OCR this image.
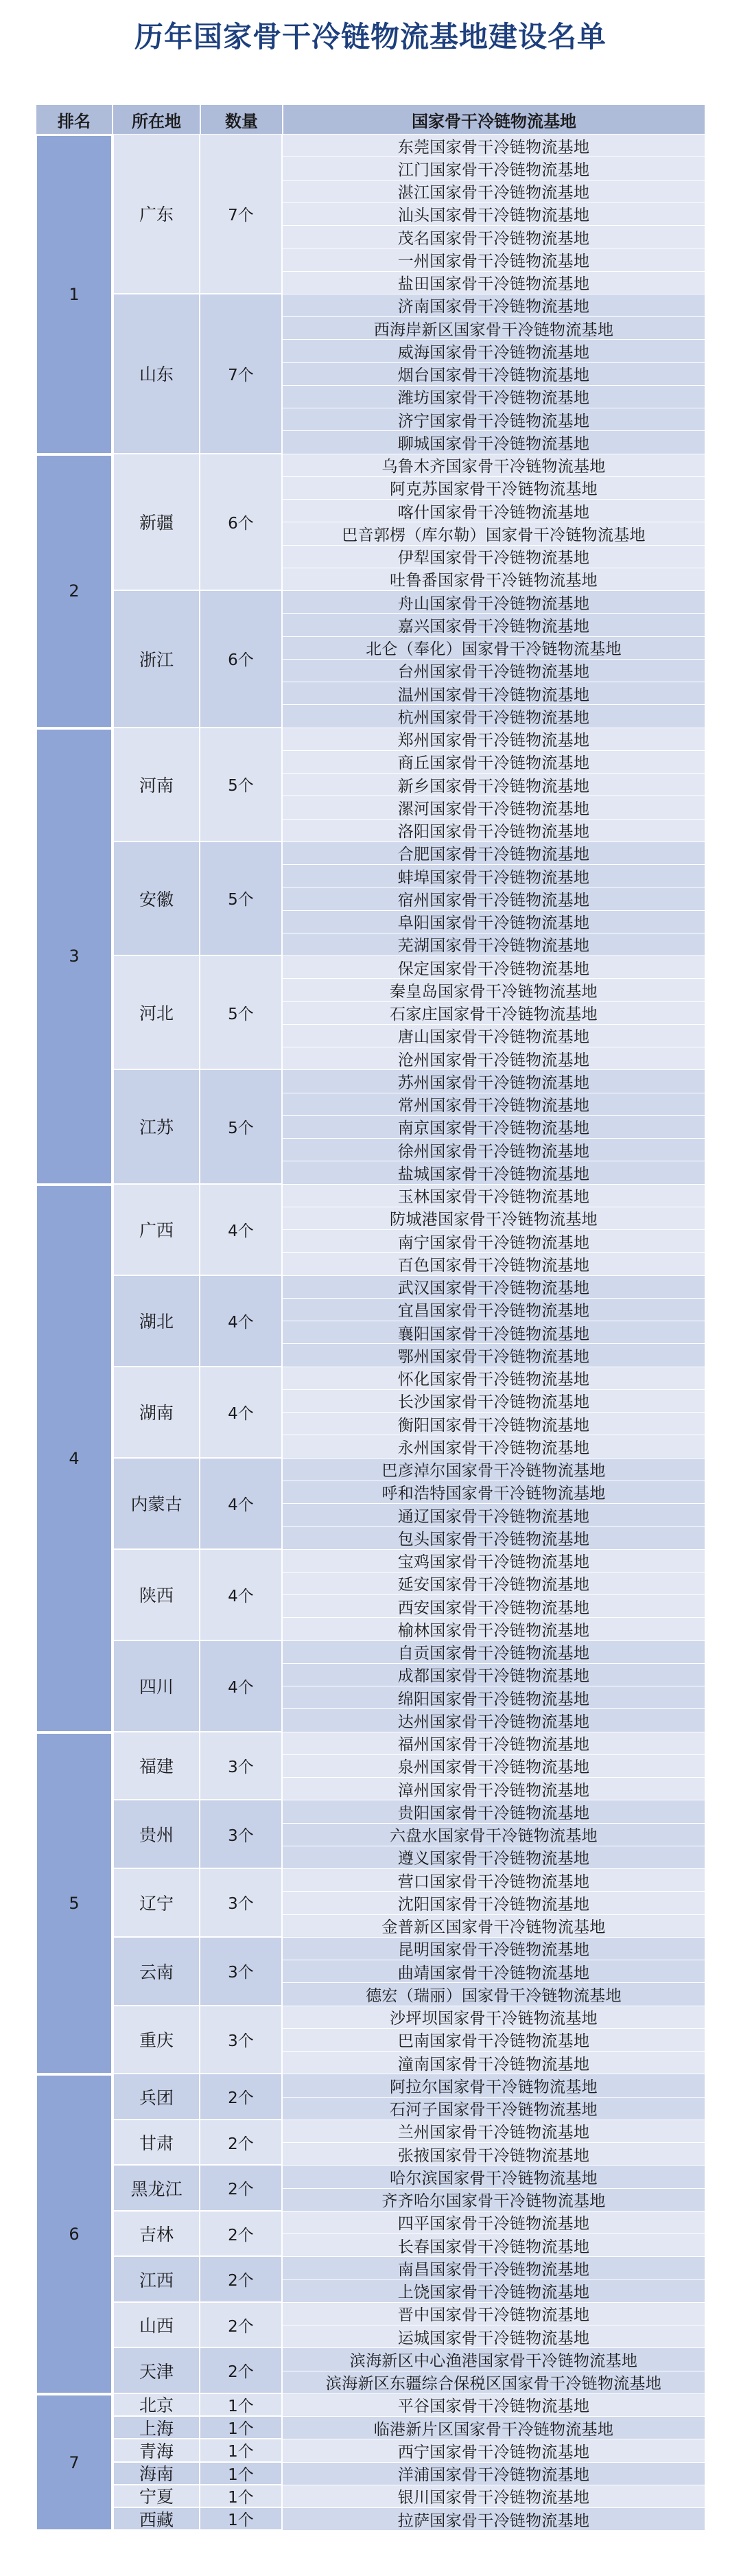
历年国家骨干冷链物流基地建设名单
排名	所在地	数量	国家骨干冷链物流基地
1
广东	7个
东莞国家骨干冷链物流基地
江门国家骨干冷链物流基地
湛江国家骨干冷链物流基地
汕头国家骨干冷链物流基地
茂名国家骨干冷链物流基地
一州国家骨干冷链物流基地
盐田国家骨干冷链物流基地
山东	7个
济南国家骨干冷链物流基地
西海岸新区国家骨干冷链物流基地
威海国家骨干冷链物流基地
烟台国家骨干冷链物流基地
潍坊国家骨干冷链物流基地
济宁国家骨干冷链物流基地
聊城国家骨干冷链物流基地
2
新疆	6个
乌鲁木齐国家骨干冷链物流基地
阿克苏国家骨干冷链物流基地
喀什国家骨干冷链物流基地
巴音郭楞（库尔勒）国家骨干冷链物流基地
伊犁国家骨干冷链物流基地
吐鲁番国家骨干冷链物流基地
浙江	6个
舟山国家骨干冷链物流基地
嘉兴国家骨干冷链物流基地
北仑（奉化）国家骨干冷链物流基地
台州国家骨干冷链物流基地
温州国家骨干冷链物流基地
杭州国家骨干冷链物流基地
3
河南	5个
郑州国家骨干冷链物流基地
商丘国家骨干冷链物流基地
新乡国家骨干冷链物流基地
漯河国家骨干冷链物流基地
洛阳国家骨干冷链物流基地
安徽	5个
合肥国家骨干冷链物流基地
蚌埠国家骨干冷链物流基地
宿州国家骨干冷链物流基地
阜阳国家骨干冷链物流基地
芜湖国家骨干冷链物流基地
河北	5个
保定国家骨干冷链物流基地
秦皇岛国家骨干冷链物流基地
石家庄国家骨干冷链物流基地
唐山国家骨干冷链物流基地
沧州国家骨干冷链物流基地
江苏	5个
苏州国家骨干冷链物流基地
常州国家骨干冷链物流基地
南京国家骨干冷链物流基地
徐州国家骨干冷链物流基地
盐城国家骨干冷链物流基地
4
广西	4个
玉林国家骨干冷链物流基地
防城港国家骨干冷链物流基地
南宁国家骨干冷链物流基地
百色国家骨干冷链物流基地
湖北	4个
武汉国家骨干冷链物流基地
宜昌国家骨干冷链物流基地
襄阳国家骨干冷链物流基地
鄂州国家骨干冷链物流基地
湖南	4个
怀化国家骨干冷链物流基地
长沙国家骨干冷链物流基地
衡阳国家骨干冷链物流基地
永州国家骨干冷链物流基地
内蒙古	4个
巴彦淖尔国家骨干冷链物流基地
呼和浩特国家骨干冷链物流基地
通辽国家骨干冷链物流基地
包头国家骨干冷链物流基地
陕西	4个
宝鸡国家骨干冷链物流基地
延安国家骨干冷链物流基地
西安国家骨干冷链物流基地
榆林国家骨干冷链物流基地
四川	4个
自贡国家骨干冷链物流基地
成都国家骨干冷链物流基地
绵阳国家骨干冷链物流基地
达州国家骨干冷链物流基地
5
福建	3个
福州国家骨干冷链物流基地
泉州国家骨干冷链物流基地
漳州国家骨干冷链物流基地
贵州	3个
贵阳国家骨干冷链物流基地
六盘水国家骨干冷链物流基地
遵义国家骨干冷链物流基地
辽宁	3个
营口国家骨干冷链物流基地
沈阳国家骨干冷链物流基地
金普新区国家骨干冷链物流基地
云南	3个
昆明国家骨干冷链物流基地
曲靖国家骨干冷链物流基地
德宏（瑞丽）国家骨干冷链物流基地
重庆	3个
沙坪坝国家骨干冷链物流基地
巴南国家骨干冷链物流基地
潼南国家骨干冷链物流基地
6
兵团	2个
阿拉尔国家骨干冷链物流基地
石河子国家骨干冷链物流基地
甘肃	2个
兰州国家骨干冷链物流基地
张掖国家骨干冷链物流基地
黑龙江	2个
哈尔滨国家骨干冷链物流基地
齐齐哈尔国家骨干冷链物流基地
吉林	2个
四平国家骨干冷链物流基地
长春国家骨干冷链物流基地
江西	2个
南昌国家骨干冷链物流基地
上饶国家骨干冷链物流基地
山西	2个
晋中国家骨干冷链物流基地
运城国家骨干冷链物流基地
天津	2个
滨海新区中心渔港国家骨干冷链物流基地
滨海新区东疆综合保税区国家骨干冷链物流基地
7
北京	1个	平谷国家骨干冷链物流基地
上海	1个	临港新片区国家骨干冷链物流基地
青海	1个	西宁国家骨干冷链物流基地
海南	1个	洋浦国家骨干冷链物流基地
宁夏	1个	银川国家骨干冷链物流基地
西藏	1个	拉萨国家骨干冷链物流基地
